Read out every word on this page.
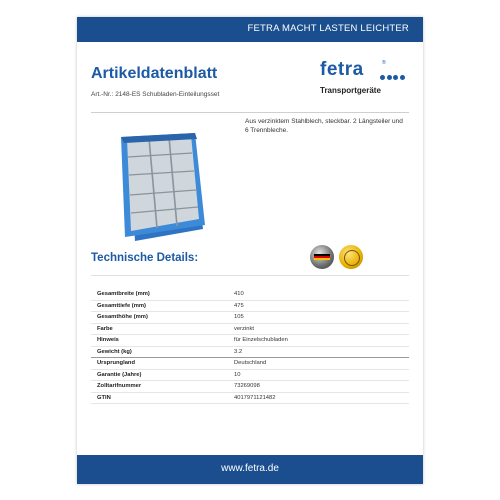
FETRA MACHT LASTEN LEICHTER
Artikeldatenblatt
Art.-Nr.: 2148-ES Schubladen-Einteilungsset
fetra	®
Transportgeräte
Aus verzinktem Stahlblech, steckbar. 2 Längsteiler und 6 Trennbleche.
Technische Details:
Gesamtbreite (mm)	410
Gesamttiefe (mm)	475
Gesamthöhe (mm)	105
Farbe	verzinkt
Hinweis	für Einzelschubladen
Gewicht (kg)	3.2
Ursprungland	Deutschland
Garantie (Jahre)	10
Zolltarifnummer	73269098
GTIN	4017971121482
www.fetra.de
